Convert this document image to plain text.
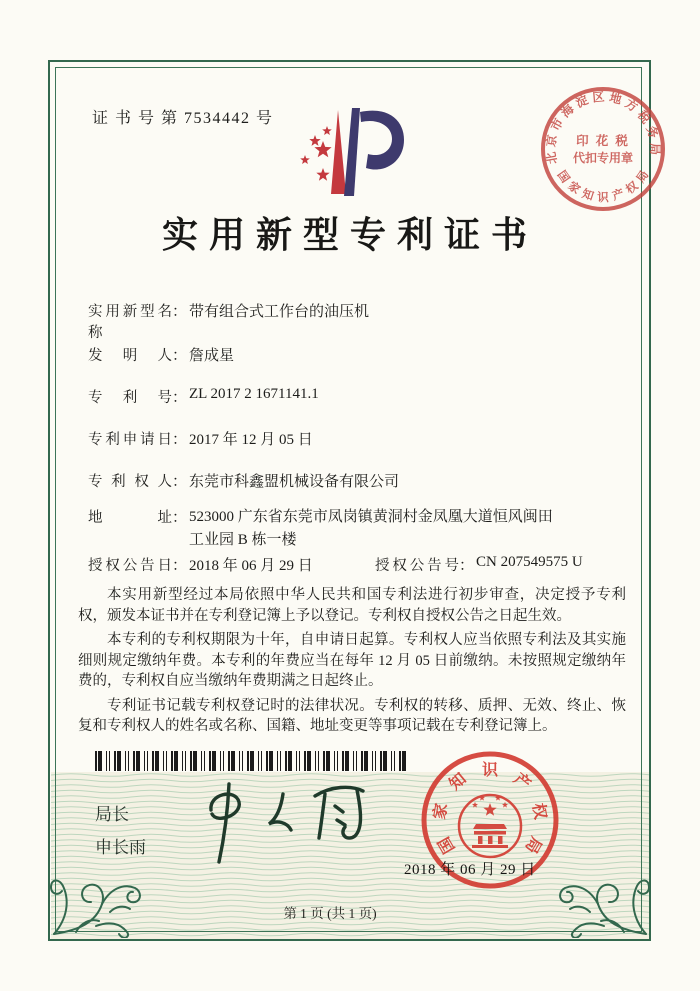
证 书 号 第 7534442 号
北
京
市
海
淀 区 地 方
税
务
局
国
家
知 识 产
权
局
印 花 税
代扣专用章
实用新型专利证书
实用新型名称
： 带有组合式工作台的油压机
发明人 ： 詹成星
专利号 ： ZL 2017 2 1671141.1
专利申请日 ： 2017 年 12 月 05 日
专利权人 ： 东莞市科鑫盟机械设备有限公司
地址 ： 523000 广东省东莞市凤岗镇黄洞村金凤凰大道恒风闽田
工业园 B 栋一楼
授权公告日 ： 2018 年 06 月 29 日	授权公告号 ： CN 207549575 U

本实用新型经过本局依照中华人民共和国专利法进行初步审查，决定授予专利权，颁发本证书并在专利登记簿上予以登记。专利权自授权公告之日起生效。

本专利的专利权期限为十年，自申请日起算。专利权人应当依照专利法及其实施细则规定缴纳年费。本专利的年费应当在每年 12 月 05 日前缴纳。未按照规定缴纳年费的，专利权自应当缴纳年费期满之日起终止。

专利证书记载专利权登记时的法律状况。专利权的转移、质押、无效、终止、恢复和专利权人的姓名或名称、国籍、地址变更等事项记载在专利登记簿上。

局长
申长雨	国
家
知 识 产
权
局
2018 年 06 月 29 日
第 1 页 (共 1 页)
